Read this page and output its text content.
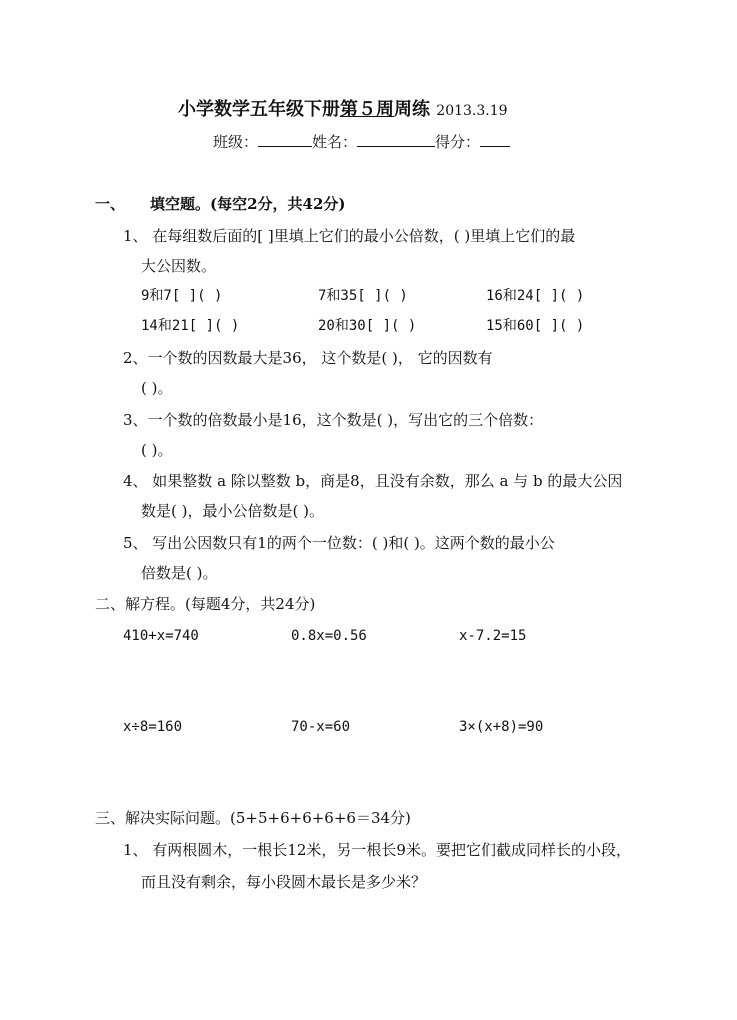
小学数学五年级下册第５周周练 2013.3.19
班级：	姓名：	得分：
一、 填空题。(每空2分，共42分)
1、 在每组数后面的[ ]里填上它们的最小公倍数，( )里填上它们的最
大公因数。
9和7[ ]( )	7和35[ ]( )	16和24[ ]( )
14和21[ ]( )	20和30[ ]( )	15和60[ ]( )
2、一个数的因数最大是36， 这个数是( )， 它的因数有
( )。
3、一个数的倍数最小是16，这个数是( )，写出它的三个倍数：
( )。
4、 如果整数 a 除以整数 b，商是8，且没有余数，那么 a 与 b 的最大公因
数是( )，最小公倍数是( )。
5、 写出公因数只有1的两个一位数：( )和( )。这两个数的最小公
倍数是( )。
二、解方程。(每题4分，共24分)
410+x=740	0.8x=0.56	x-7.2=15
x÷8=160	70-x=60	3×(x+8)=90
三、解决实际问题。(5+5+6+6+6+6＝34分)
1、 有两根圆木，一根长12米，另一根长9米。要把它们截成同样长的小段，
而且没有剩余，每小段圆木最长是多少米？
